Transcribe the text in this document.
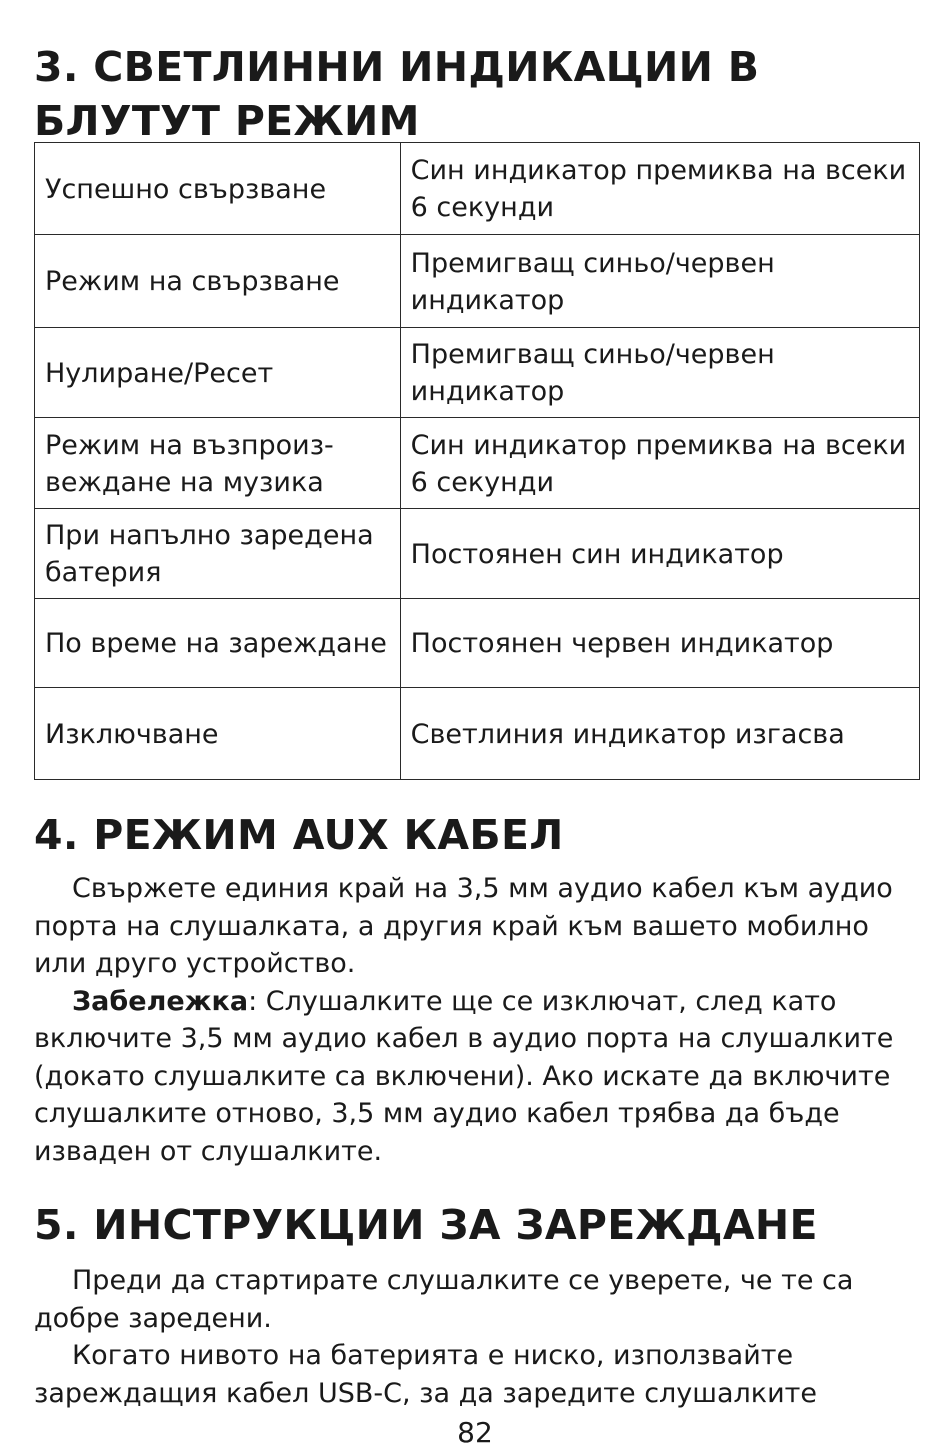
3. СВЕТЛИННИ ИНДИКАЦИИ В БЛУТУТ РЕЖИМ
Успешно свързване	Син индикатор премиква на всеки 6 секунди
Режим на свързване	Премигващ синьо/червен индикатор
Нулиране/Ресет	Премигващ синьо/червен индикатор
Режим на възпроиз- веждане на музика	Син индикатор премиква на всеки 6 секунди
При напълно заредена батерия	Постоянен син индикатор
По време на зареждане	Постоянен червен индикатор
Изключване	Светлиния индикатор изгасва
4. РЕЖИМ AUX КАБЕЛ

Свържете единия край на 3,5 мм аудио кабел към аудио порта на слушалката, а другия край към вашето мобилно или друго устройство.

Забележка: Слушалките ще се изключат, след като включите 3,5 мм аудио кабел в аудио порта на слушалките (докато слушалките са включени). Ако искате да включите слушалките отново, 3,5 мм аудио кабел трябва да бъде изваден от слушалките.

5. ИНСТРУКЦИИ ЗА ЗАРЕЖДАНЕ

Преди да стартирате слушалките се уверете, че те са добре заредени.

Когато нивото на батерията е ниско, използвайте зареждащия кабел USB-C, за да заредите слушалките

82
